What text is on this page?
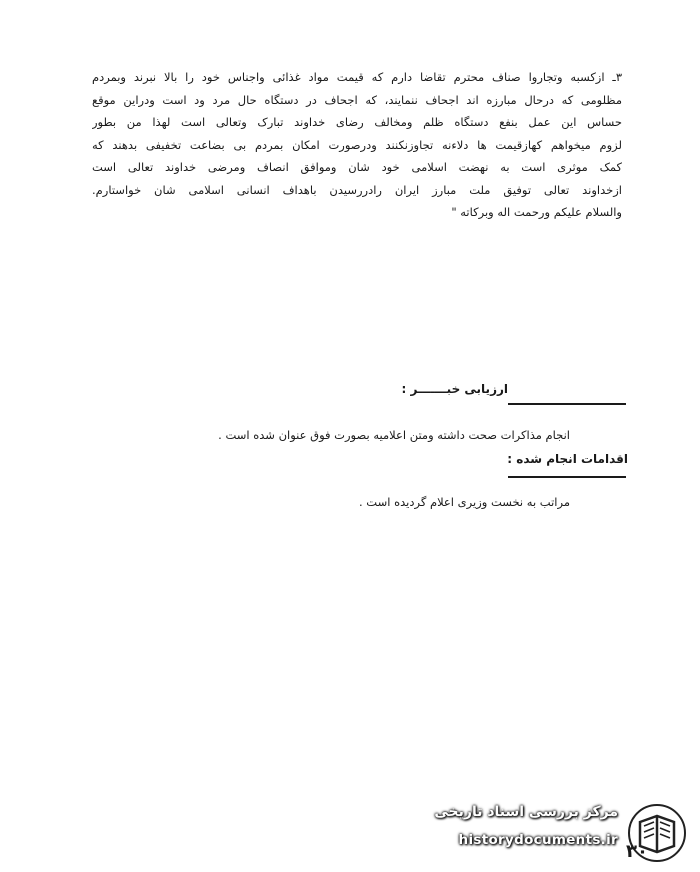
۳ـ ازکسبه وتجاروا صناف محترم تقاضا دارم که قیمت مواد غذائی واجناس خود را بالا نبرند وبمردم
مظلومی که درحال مبارزه اند اجحاف ننمایند، که اجحاف در دستگاه حال مرد ود است ودراین موقع
حساس این عمل بنفع دستگاه ظلم ومخالف رضای خداوند تبارک وتعالی است لهذا من بطور
لزوم میخواهم کهازقیمت ها دلاءنه تجاوزنکنند ودرصورت امکان بمردم بی بضاعت تخفیفی بدهند که
کمک موثری است به نهضت اسلامی خود شان وموافق انصاف ومرضی خداوند تعالی است
ازخداوند تعالی توفیق ملت مبارز ایران رادررسیدن باهداف انسانی اسلامی شان خواستارم.
والسلام علیکم ورحمت اله وبرکاته "
ارزیابی خبـــــــر :
انجام مذاکرات صحت داشته ومتن اعلامیه بصورت فوق عنوان شده است .
اقدامات انجام شده :
مراتب به نخست وزیری اعلام گردیده است .
مرکز بررسی اسناد تاریخی
historydocuments.ir
۳۰
